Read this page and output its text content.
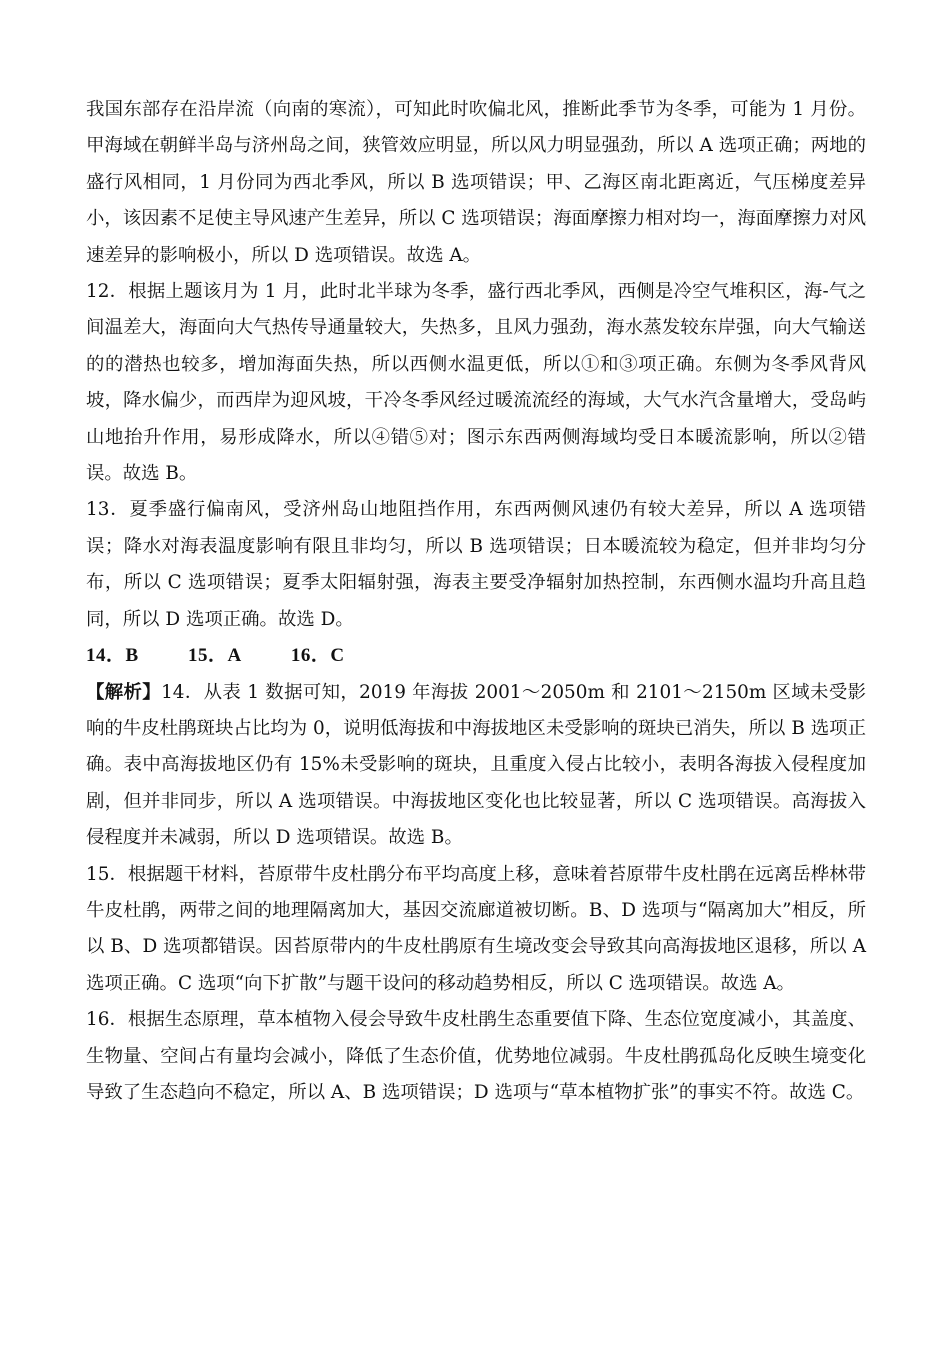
我国东部存在沿岸流（向南的寒流），可知此时吹偏北风，推断此季节为冬季，可能为 1 月份。甲海域在朝鲜半岛与济州岛之间，狭管效应明显，所以风力明显强劲，所以 A 选项正确；两地的盛行风相同，1 月份同为西北季风，所以 B 选项错误；甲、乙海区南北距离近，气压梯度差异小，该因素不足使主导风速产生差异，所以 C 选项错误；海面摩擦力相对均一，海面摩擦力对风速差异的影响极小，所以 D 选项错误。故选 A。

12．根据上题该月为 1 月，此时北半球为冬季，盛行西北季风，西侧是冷空气堆积区，海-气之间温差大，海面向大气热传导通量较大，失热多，且风力强劲，海水蒸发较东岸强，向大气输送的的潜热也较多，增加海面失热，所以西侧水温更低，所以①和③项正确。东侧为冬季风背风坡，降水偏少，而西岸为迎风坡，干冷冬季风经过暖流流经的海域，大气水汽含量增大，受岛屿山地抬升作用，易形成降水，所以④错⑤对；图示东西两侧海域均受日本暖流影响，所以②错误。故选 B。

13．夏季盛行偏南风，受济州岛山地阻挡作用，东西两侧风速仍有较大差异，所以 A 选项错误；降水对海表温度影响有限且非均匀，所以 B 选项错误；日本暖流较为稳定，但并非均匀分布，所以 C 选项错误；夏季太阳辐射强，海表主要受净辐射加热控制，东西侧水温均升高且趋同，所以 D 选项正确。故选 D。

14．B	15．A	16．C

【解析】14．从表 1 数据可知，2019 年海拔 2001～2050m 和 2101～2150m 区域未受影响的牛皮杜鹃斑块占比均为 0，说明低海拔和中海拔地区未受影响的斑块已消失，所以 B 选项正确。表中高海拔地区仍有 15%未受影响的斑块，且重度入侵占比较小，表明各海拔入侵程度加剧，但并非同步，所以 A 选项错误。中海拔地区变化也比较显著，所以 C 选项错误。高海拔入侵程度并未减弱，所以 D 选项错误。故选 B。

15．根据题干材料，苔原带牛皮杜鹃分布平均高度上移，意味着苔原带牛皮杜鹃在远离岳桦林带牛皮杜鹃，两带之间的地理隔离加大，基因交流廊道被切断。B、D 选项与“隔离加大”相反，所以 B、D 选项都错误。因苔原带内的牛皮杜鹃原有生境改变会导致其向高海拔地区退移，所以 A 选项正确。C 选项“向下扩散”与题干设问的移动趋势相反，所以 C 选项错误。故选 A。

16．根据生态原理，草本植物入侵会导致牛皮杜鹃生态重要值下降、生态位宽度减小，其盖度、生物量、空间占有量均会减小，降低了生态价值，优势地位减弱。牛皮杜鹃孤岛化反映生境变化导致了生态趋向不稳定，所以 A、B 选项错误；D 选项与“草本植物扩张”的事实不符。故选 C。
